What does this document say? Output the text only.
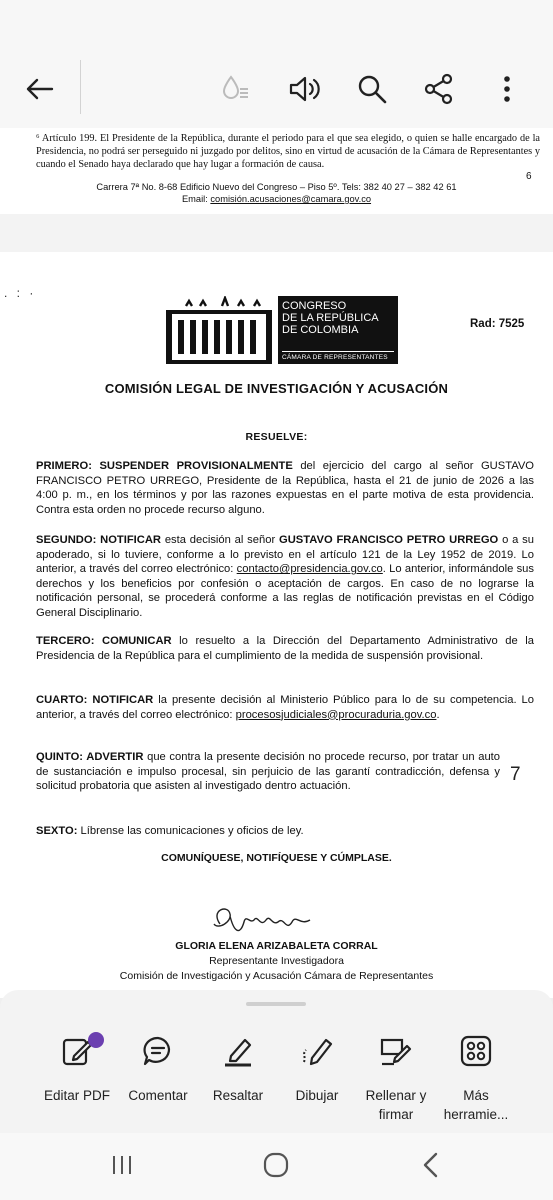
⁶ Artículo 199. El Presidente de la República, durante el periodo para el que sea elegido, o quien se halle encargado de la Presidencia, no podrá ser perseguido ni juzgado por delitos, sino en virtud de acusación de la Cámara de Representantes y cuando el Senado haya declarado que hay lugar a formación de causa.
6
Carrera 7ª No. 8-68 Edificio Nuevo del Congreso – Piso 5º. Tels: 382 40 27 – 382 42 61
Email: comisión.acusaciones@camara.gov.co
. : ·
CONGRESO
DE LA REPÚBLICA
DE COLOMBIA
CÁMARA DE REPRESENTANTES
Rad: 7525
COMISIÓN LEGAL DE INVESTIGACIÓN Y ACUSACIÓN
RESUELVE:
PRIMERO: SUSPENDER PROVISIONALMENTE del ejercicio del cargo al señor GUSTAVO FRANCISCO PETRO URREGO, Presidente de la República, hasta el 21 de junio de 2026 a las 4:00 p. m., en los términos y por las razones expuestas en el parte motiva de esta providencia. Contra esta orden no procede recurso alguno.
SEGUNDO: NOTIFICAR esta decisión al señor GUSTAVO FRANCISCO PETRO URREGO o a su apoderado, si lo tuviere, conforme a lo previsto en el artículo 121 de la Ley 1952 de 2019. Lo anterior, a través del correo electrónico: contacto@presidencia.gov.co. Lo anterior, informándole sus derechos y los beneficios por confesión o aceptación de cargos. En caso de no lograrse la notificación personal, se procederá conforme a las reglas de notificación previstas en el Código General Disciplinario.
TERCERO: COMUNICAR lo resuelto a la Dirección del Departamento Administrativo de la Presidencia de la República para el cumplimiento de la medida de suspensión provisional.
CUARTO: NOTIFICAR la presente decisión al Ministerio Público para lo de su competencia. Lo anterior, a través del correo electrónico: procesosjudiciales@procuraduria.gov.co.
QUINTO: ADVERTIR que contra la presente decisión no procede recurso, por tratar un auto de sustanciación e impulso procesal, sin perjuicio de las garantí contradicción, defensa y solicitud probatoria que asisten al investigado dentro actuación.
SEXTO: Líbrense las comunicaciones y oficios de ley.
7
COMUNÍQUESE, NOTIFÍQUESE Y CÚMPLASE.
GLORIA ELENA ARIZABALETA CORRAL
Representante Investigadora
Comisión de Investigación y Acusación Cámara de Representantes
Editar PDF	Comentar	Resaltar	Dibujar	Rellenar y firmar
Más herramie...
